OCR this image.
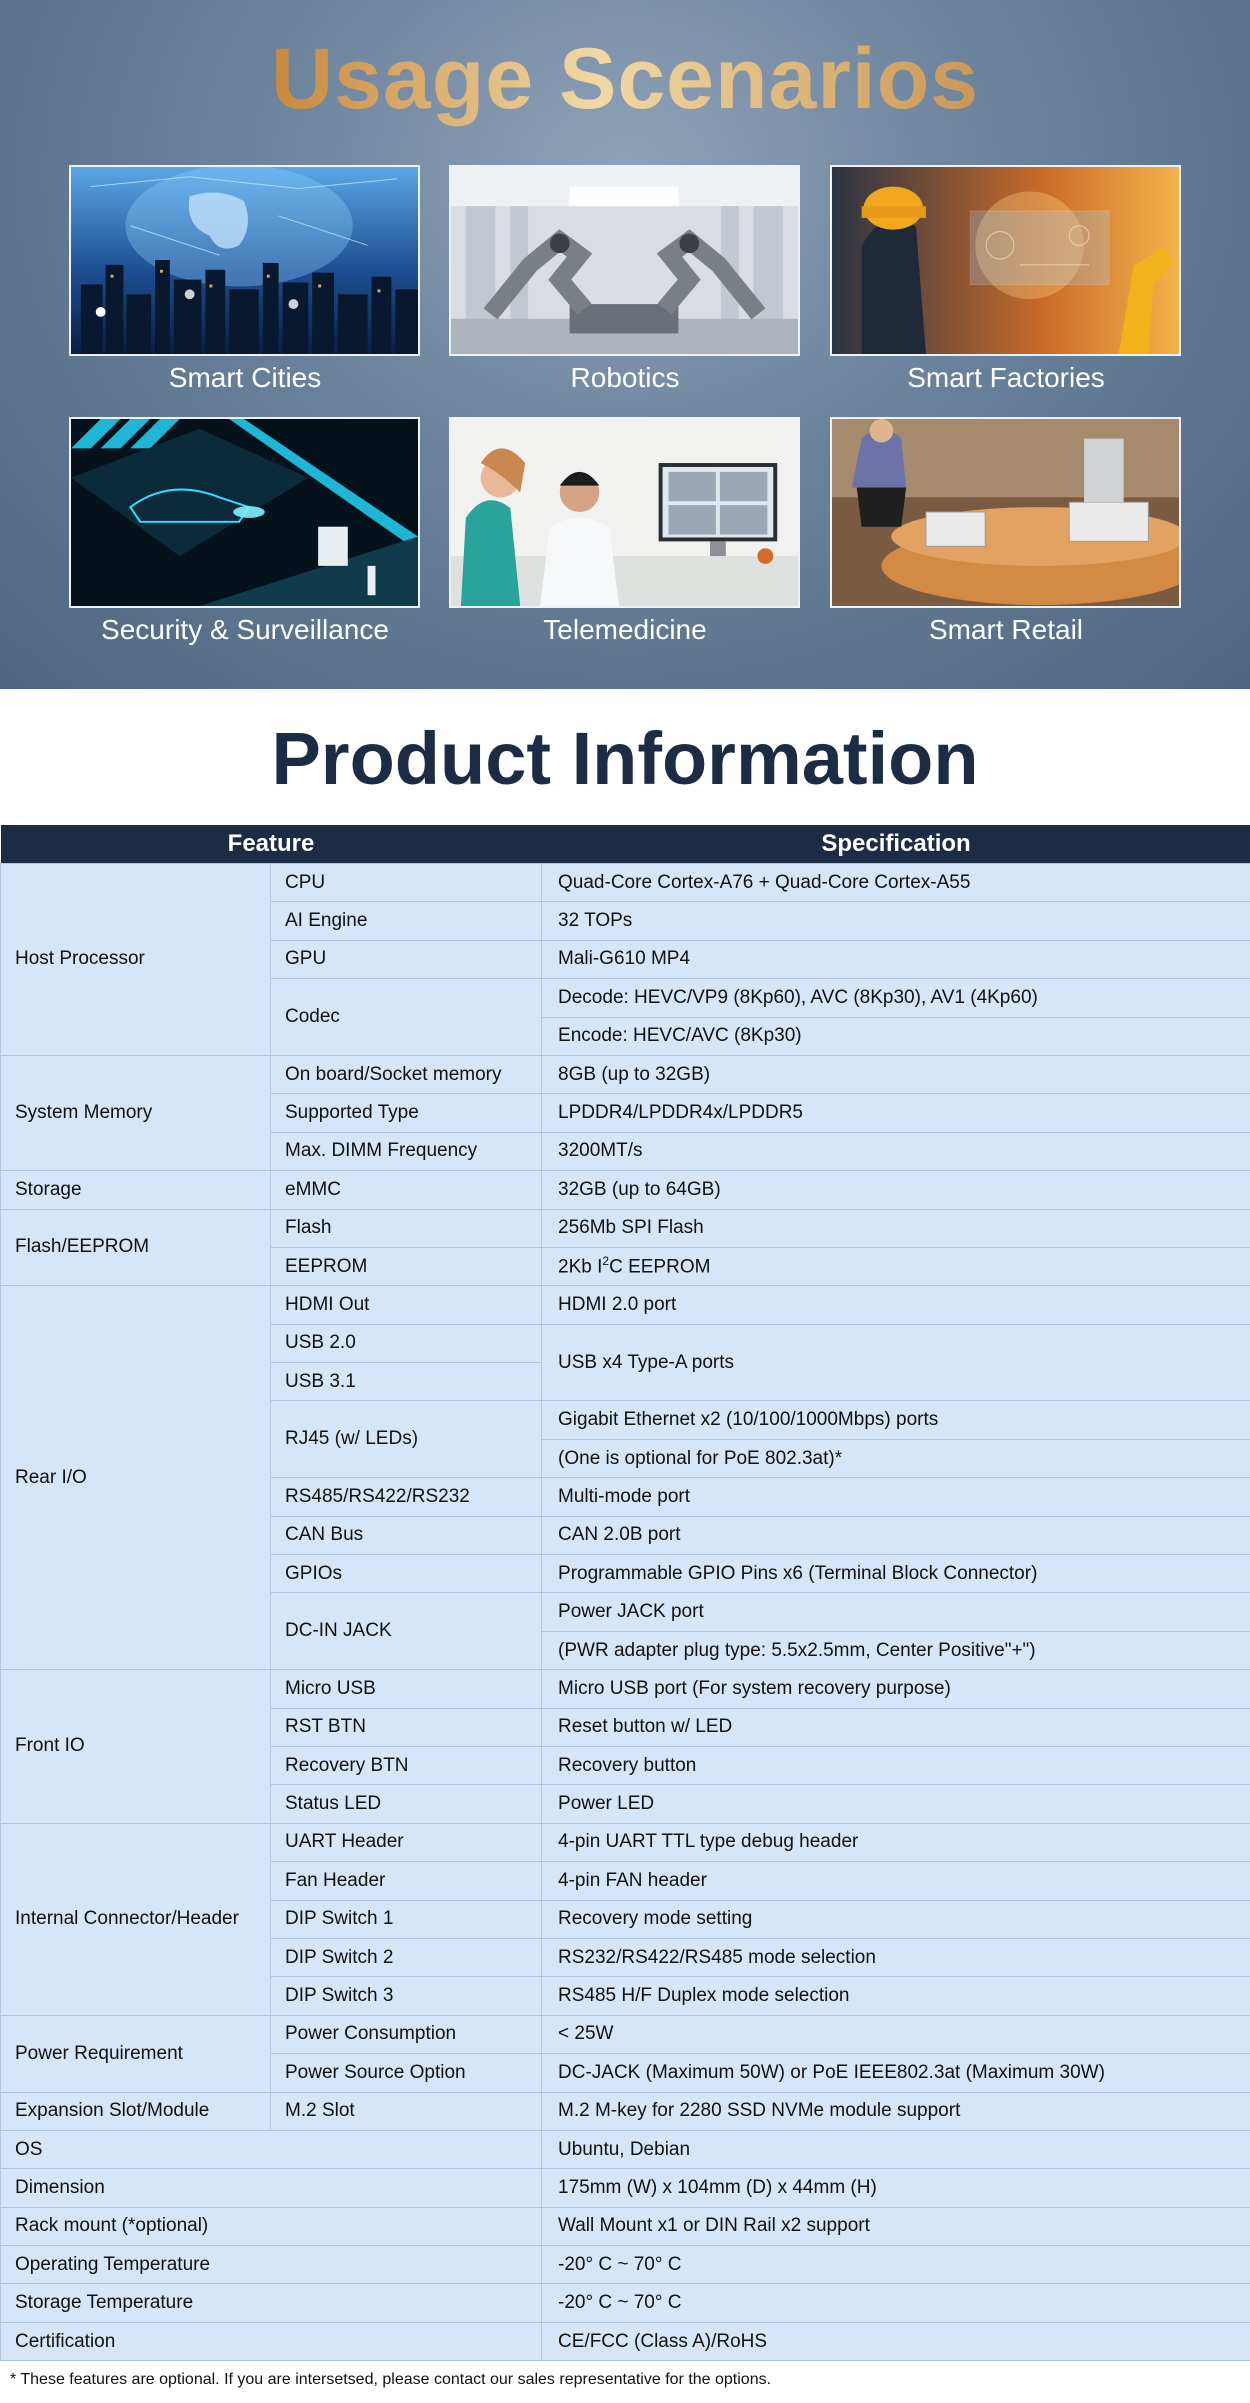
Usage Scenarios
Smart Cities	Robotics	Smart Factories
Security & Surveillance	Telemedicine	Smart Retail
Product Information
Feature		Specification
Host Processor	CPU	Quad-Core Cortex-A76 + Quad-Core Cortex-A55
	AI Engine	32 TOPs
	GPU	Mali-G610 MP4
	Codec	Decode: HEVC/VP9 (8Kp60), AVC (8Kp30), AV1 (4Kp60)
		Encode: HEVC/AVC (8Kp30)
System Memory	On board/Socket memory	8GB (up to 32GB)
	Supported Type	LPDDR4/LPDDR4x/LPDDR5
	Max. DIMM Frequency	3200MT/s
Storage	eMMC	32GB (up to 64GB)
Flash/EEPROM	Flash	256Mb SPI Flash
	EEPROM	2Kb $I^2C$ EEPROM
Rear I/O	HDMI Out	HDMI 2.0 port
	USB 2.0	USB x4 Type-A ports
	USB 3.1	
	RJ45 (w/ LEDs)	Gigabit Ethernet x2 (10/100/1000Mbps) ports
		(One is optional for PoE 802.3at)*
	RS485/RS422/RS232	Multi-mode port
	CAN Bus	CAN 2.0B port
	GPIOs	Programmable GPIO Pins x6 (Terminal Block Connector)
	DC-IN JACK	Power JACK port
		(PWR adapter plug type: 5.5x2.5mm, Center Positive"+")
Front IO	Micro USB	Micro USB port (For system recovery purpose)
	RST BTN	Reset button w/ LED
	Recovery BTN	Recovery button
	Status LED	Power LED
Internal Connector/Header	UART Header	4-pin UART TTL type debug header
	Fan Header	4-pin FAN header
	DIP Switch 1	Recovery mode setting
	DIP Switch 2	RS232/RS422/RS485 mode selection
	DIP Switch 3	RS485 H/F Duplex mode selection
Power Requirement	Power Consumption	< 25W
	Power Source Option	DC-JACK (Maximum 50W) or PoE IEEE802.3at (Maximum 30W)
Expansion Slot/Module	M.2 Slot	M.2 M-key for 2280 SSD NVMe module support
OS		Ubuntu, Debian
Dimension		175mm (W) x 104mm (D) x 44mm (H)
Rack mount (*optional)		Wall Mount x1 or DIN Rail x2 support
Operating Temperature		-20° C ~ 70° C
Storage Temperature		-20° C ~ 70° C
Certification		CE/FCC (Class A)/RoHS
* These features are optional. If you are intersetsed, please contact our sales representative for the options.
